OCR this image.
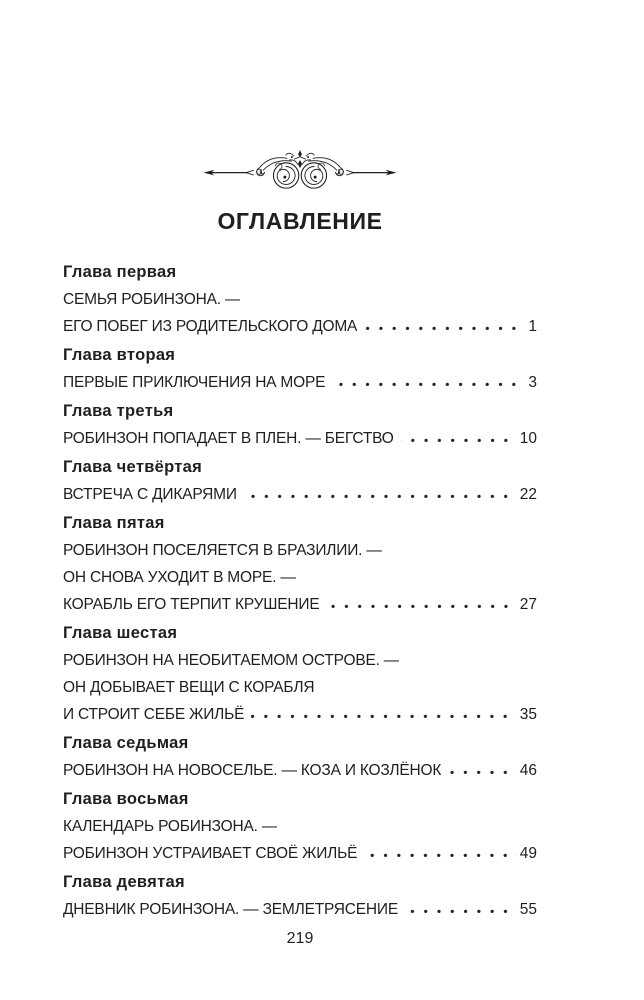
ОГЛАВЛЕНИЕ
Глава первая
СЕМЬЯ РОБИНЗОНА. —
ЕГО ПОБЕГ ИЗ РОДИТЕЛЬСКОГО ДОМА	1
Глава вторая
ПЕРВЫЕ ПРИКЛЮЧЕНИЯ НА МОРЕ	3
Глава третья
РОБИНЗОН ПОПАДАЕТ В ПЛЕН. — БЕГСТВО	10
Глава четвёртая
ВСТРЕЧА С ДИКАРЯМИ	22
Глава пятая
РОБИНЗОН ПОСЕЛЯЕТСЯ В БРАЗИЛИИ. —
ОН СНОВА УХОДИТ В МОРЕ. —
КОРАБЛЬ ЕГО ТЕРПИТ КРУШЕНИЕ	27
Глава шестая
РОБИНЗОН НА НЕОБИТАЕМОМ ОСТРОВЕ. —
ОН ДОБЫВАЕТ ВЕЩИ С КОРАБЛЯ
И СТРОИТ СЕБЕ ЖИЛЬЁ	35
Глава седьмая
РОБИНЗОН НА НОВОСЕЛЬЕ. — КОЗА И КОЗЛЁНОК	46
Глава восьмая
КАЛЕНДАРЬ РОБИНЗОНА. —
РОБИНЗОН УСТРАИВАЕТ СВОЁ ЖИЛЬЁ	49
Глава девятая
ДНЕВНИК РОБИНЗОНА. — ЗЕМЛЕТРЯСЕНИЕ	55
219
